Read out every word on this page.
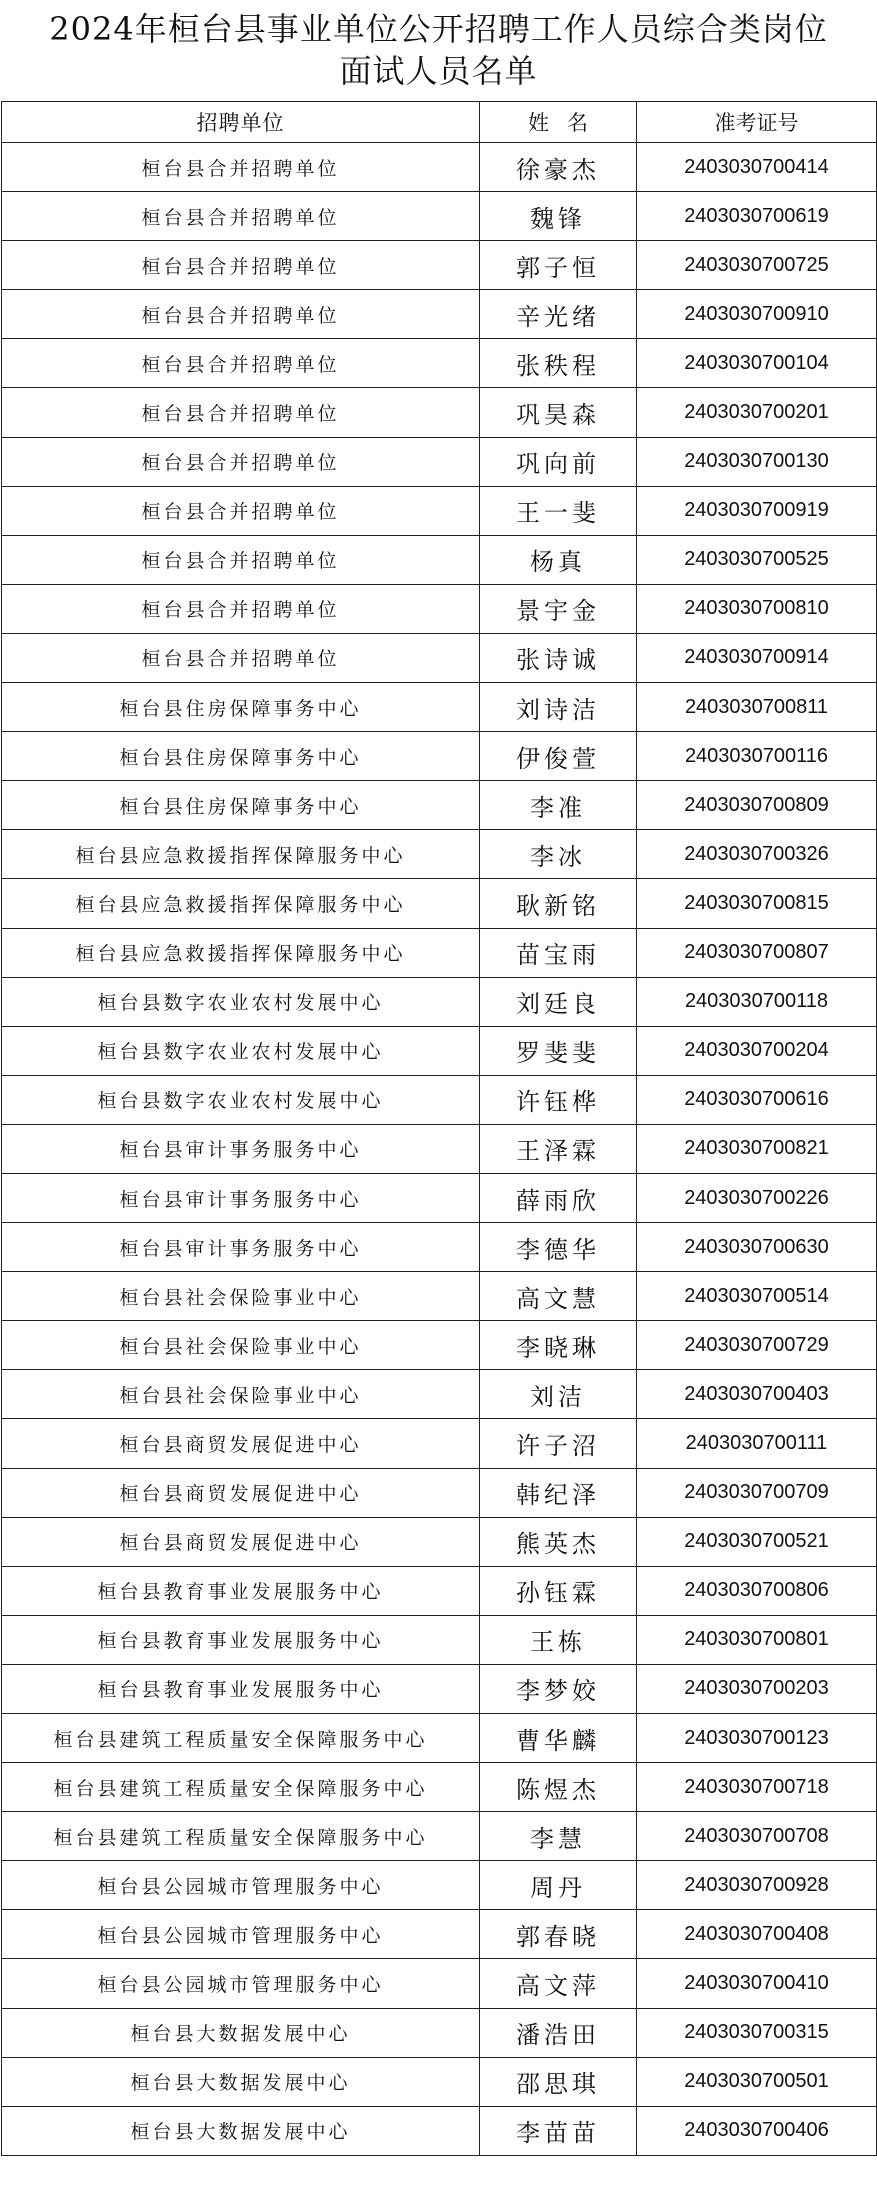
2024年桓台县事业单位公开招聘工作人员综合类岗位
面试人员名单
招聘单位	姓名	准考证号
桓台县合并招聘单位	徐豪杰	2403030700414
桓台县合并招聘单位	魏锋	2403030700619
桓台县合并招聘单位	郭子恒	2403030700725
桓台县合并招聘单位	辛光绪	2403030700910
桓台县合并招聘单位	张秩程	2403030700104
桓台县合并招聘单位	巩昊森	2403030700201
桓台县合并招聘单位	巩向前	2403030700130
桓台县合并招聘单位	王一斐	2403030700919
桓台县合并招聘单位	杨真	2403030700525
桓台县合并招聘单位	景宇金	2403030700810
桓台县合并招聘单位	张诗诚	2403030700914
桓台县住房保障事务中心	刘诗洁	2403030700811
桓台县住房保障事务中心	伊俊萱	2403030700116
桓台县住房保障事务中心	李准	2403030700809
桓台县应急救援指挥保障服务中心	李冰	2403030700326
桓台县应急救援指挥保障服务中心	耿新铭	2403030700815
桓台县应急救援指挥保障服务中心	苗宝雨	2403030700807
桓台县数字农业农村发展中心	刘廷良	2403030700118
桓台县数字农业农村发展中心	罗斐斐	2403030700204
桓台县数字农业农村发展中心	许钰桦	2403030700616
桓台县审计事务服务中心	王泽霖	2403030700821
桓台县审计事务服务中心	薛雨欣	2403030700226
桓台县审计事务服务中心	李德华	2403030700630
桓台县社会保险事业中心	高文慧	2403030700514
桓台县社会保险事业中心	李晓琳	2403030700729
桓台县社会保险事业中心	刘洁	2403030700403
桓台县商贸发展促进中心	许子沼	2403030700111
桓台县商贸发展促进中心	韩纪泽	2403030700709
桓台县商贸发展促进中心	熊英杰	2403030700521
桓台县教育事业发展服务中心	孙钰霖	2403030700806
桓台县教育事业发展服务中心	王栋	2403030700801
桓台县教育事业发展服务中心	李梦姣	2403030700203
桓台县建筑工程质量安全保障服务中心	曹华麟	2403030700123
桓台县建筑工程质量安全保障服务中心	陈煜杰	2403030700718
桓台县建筑工程质量安全保障服务中心	李慧	2403030700708
桓台县公园城市管理服务中心	周丹	2403030700928
桓台县公园城市管理服务中心	郭春晓	2403030700408
桓台县公园城市管理服务中心	高文萍	2403030700410
桓台县大数据发展中心	潘浩田	2403030700315
桓台县大数据发展中心	邵思琪	2403030700501
桓台县大数据发展中心	李苗苗	2403030700406
